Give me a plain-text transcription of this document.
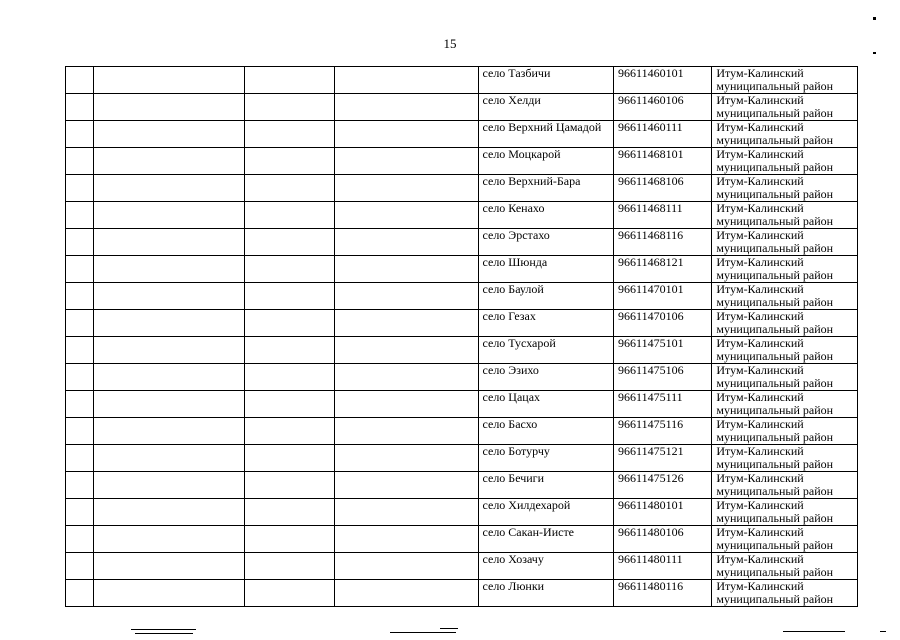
15
				село Тазбичи	96611460101	Итум-Калинский муниципальный район
				село Хелди	96611460106	Итум-Калинский муниципальный район
				село Верхний Цамадой	96611460111	Итум-Калинский муниципальный район
				село Моцкарой	96611468101	Итум-Калинский муниципальный район
				село Верхний-Бара	96611468106	Итум-Калинский муниципальный район
				село Кенахо	96611468111	Итум-Калинский муниципальный район
				село Эрстахо	96611468116	Итум-Калинский муниципальный район
				село Шюнда	96611468121	Итум-Калинский муниципальный район
				село Баулой	96611470101	Итум-Калинский муниципальный район
				село Гезах	96611470106	Итум-Калинский муниципальный район
				село Тусхарой	96611475101	Итум-Калинский муниципальный район
				село Эзихо	96611475106	Итум-Калинский муниципальный район
				село Цацах	96611475111	Итум-Калинский муниципальный район
				село Басхо	96611475116	Итум-Калинский муниципальный район
				село Ботурчу	96611475121	Итум-Калинский муниципальный район
				село Бечиги	96611475126	Итум-Калинский муниципальный район
				село Хилдехарой	96611480101	Итум-Калинский муниципальный район
				село Сакан-Иисте	96611480106	Итум-Калинский муниципальный район
				село Хозачу	96611480111	Итум-Калинский муниципальный район
				село Люнки	96611480116	Итум-Калинский муниципальный район
